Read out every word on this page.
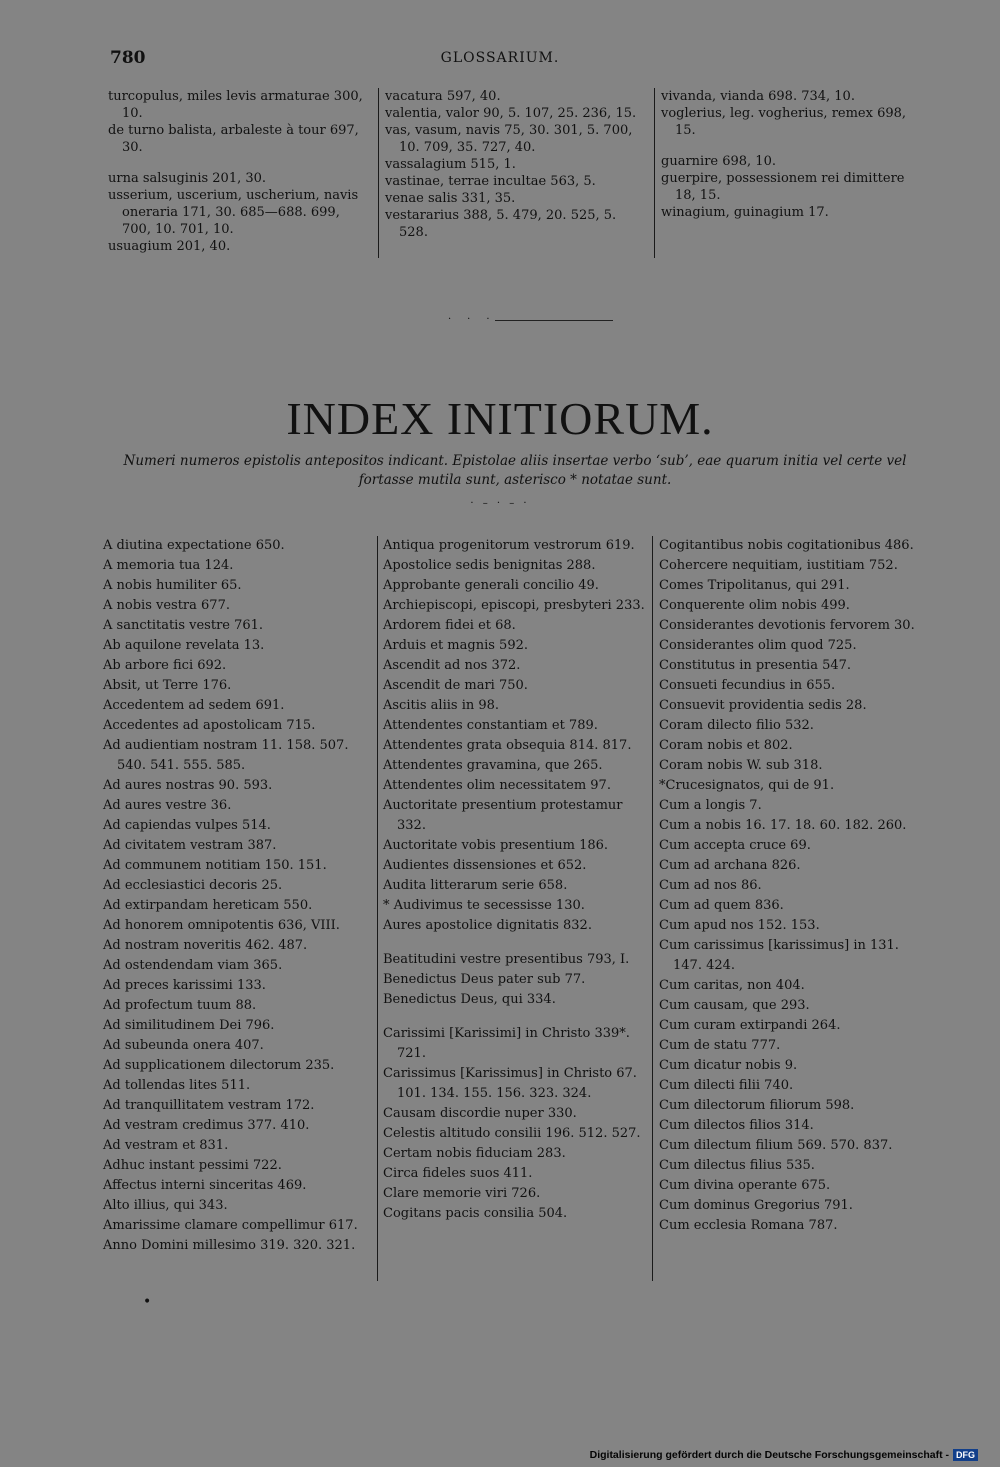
780	GLOSSARIUM.

turcopulus, miles levis armaturae 300, 10.

de turno balista, arbaleste à tour 697, 30.

urna salsuginis 201, 30.

usserium, uscerium, uscherium, navis oneraria 171, 30. 685—688. 699, 700, 10. 701, 10.

usuagium 201, 40.

vacatura 597, 40.

valentia, valor 90, 5. 107, 25. 236, 15.

vas, vasum, navis 75, 30. 301, 5. 700, 10. 709, 35. 727, 40.

vassalagium 515, 1.

vastinae, terrae incultae 563, 5.

venae salis 331, 35.

vestararius 388, 5. 479, 20. 525, 5. 528.

vivanda, vianda 698. 734, 10.

voglerius, leg. vogherius, remex 698, 15.

guarnire 698, 10.

guerpire, possessionem rei dimittere 18, 15.

winagium, guinagium 17.

···
INDEX INITIORUM.
Numeri numeros epistolis antepositos indicant. Epistolae aliis insertae verbo ‘sub’, eae quarum initia vel certe vel fortasse mutila sunt, asterisco * notatae sunt.
· – · – ·

A diutina expectatione 650.

A memoria tua 124.

A nobis humiliter 65.

A nobis vestra 677.

A sanctitatis vestre 761.

Ab aquilone revelata 13.

Ab arbore fici 692.

Absit, ut Terre 176.

Accedentem ad sedem 691.

Accedentes ad apostolicam 715.

Ad audientiam nostram 11. 158. 507. 540. 541. 555. 585.

Ad aures nostras 90. 593.

Ad aures vestre 36.

Ad capiendas vulpes 514.

Ad civitatem vestram 387.

Ad communem notitiam 150. 151.

Ad ecclesiastici decoris 25.

Ad extirpandam hereticam 550.

Ad honorem omnipotentis 636, VIII.

Ad nostram noveritis 462. 487.

Ad ostendendam viam 365.

Ad preces karissimi 133.

Ad profectum tuum 88.

Ad similitudinem Dei 796.

Ad subeunda onera 407.

Ad supplicationem dilectorum 235.

Ad tollendas lites 511.

Ad tranquillitatem vestram 172.

Ad vestram credimus 377. 410.

Ad vestram et 831.

Adhuc instant pessimi 722.

Affectus interni sinceritas 469.

Alto illius, qui 343.

Amarissime clamare compellimur 617.

Anno Domini millesimo 319. 320. 321.

Antiqua progenitorum vestrorum 619.

Apostolice sedis benignitas 288.

Approbante generali concilio 49.

Archiepiscopi, episcopi, presbyteri 233.

Ardorem fidei et 68.

Arduis et magnis 592.

Ascendit ad nos 372.

Ascendit de mari 750.

Ascitis aliis in 98.

Attendentes constantiam et 789.

Attendentes grata obsequia 814. 817.

Attendentes gravamina, que 265.

Attendentes olim necessitatem 97.

Auctoritate presentium protestamur 332.

Auctoritate vobis presentium 186.

Audientes dissensiones et 652.

Audita litterarum serie 658.

* Audivimus te secessisse 130.

Aures apostolice dignitatis 832.

Beatitudini vestre presentibus 793, I.

Benedictus Deus pater sub 77.

Benedictus Deus, qui 334.

Carissimi [Karissimi] in Christo 339*. 721.

Carissimus [Karissimus] in Christo 67. 101. 134. 155. 156. 323. 324.

Causam discordie nuper 330.

Celestis altitudo consilii 196. 512. 527.

Certam nobis fiduciam 283.

Circa fideles suos 411.

Clare memorie viri 726.

Cogitans pacis consilia 504.

Cogitantibus nobis cogitationibus 486.

Cohercere nequitiam, iustitiam 752.

Comes Tripolitanus, qui 291.

Conquerente olim nobis 499.

Considerantes devotionis fervorem 30.

Considerantes olim quod 725.

Constitutus in presentia 547.

Consueti fecundius in 655.

Consuevit providentia sedis 28.

Coram dilecto filio 532.

Coram nobis et 802.

Coram nobis W. sub 318.

*Crucesignatos, qui de 91.

Cum a longis 7.

Cum a nobis 16. 17. 18. 60. 182. 260.

Cum accepta cruce 69.

Cum ad archana 826.

Cum ad nos 86.

Cum ad quem 836.

Cum apud nos 152. 153.

Cum carissimus [karissimus] in 131. 147. 424.

Cum caritas, non 404.

Cum causam, que 293.

Cum curam extirpandi 264.

Cum de statu 777.

Cum dicatur nobis 9.

Cum dilecti filii 740.

Cum dilectorum filiorum 598.

Cum dilectos filios 314.

Cum dilectum filium 569. 570. 837.

Cum dilectus filius 535.

Cum divina operante 675.

Cum dominus Gregorius 791.

Cum ecclesia Romana 787.

•
Digitalisierung gefördert durch die Deutsche Forschungsgemeinschaft - DFG
